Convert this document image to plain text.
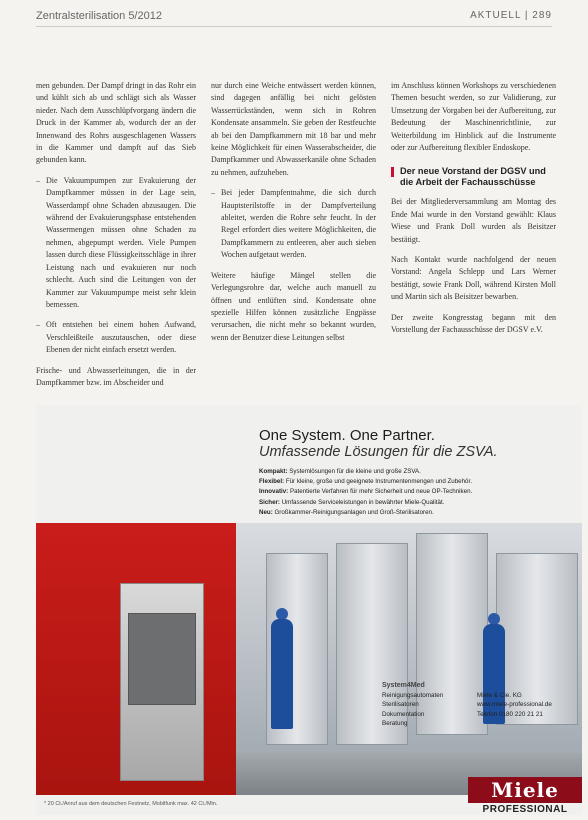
Zentralsterilisation 5/2012	AKTUELL | 289

men gebunden. Der Dampf dringt in das Rohr ein und kühlt sich ab und schlägt sich als Wasser nieder. Nach dem Ausschlüpfvorgang ändern die Druck in der Kammer ab, wodurch der an der Innenwand des Rohrs ausgeschlagenen Wassers in die Kammer und dampft auf das Sieb gebunden kann.

– Die Vakuumpumpen zur Evakuierung der Dampfkammer müssen in der Lage sein, Wasserdampf ohne Schaden abzusaugen. Die während der Evakuierungsphase entstehenden Wassermengen müssen ohne Schaden zu nehmen, abgepumpt werden. Viele Pumpen lassen durch diese Flüssigkeitsschläge in ihrer Leistung nach und evakuieren nur noch schlecht. Auch sind die Leitungen von der Kammer zur Vakuumpumpe meist sehr klein bemessen.
– Oft entstehen bei einem hohen Aufwand, Verschleißteile auszutauschen, oder diese Ebenen der nicht einfach ersetzt werden.

Frische- und Abwasserleitungen, die in der Dampfkammer bzw. im Abscheider und

nur durch eine Weiche entwässert werden können, sind dagegen anfällig bei nicht gelösten Wasserrückständen, wenn sich in Rohren Kondensate ansammeln. Sie geben der Restfeuchte ab bei den Dampfkammern mit 18 bar und mehr keine Möglichkeit für einen Wasserabscheider, die Dampfkammer und Abwasserkanäle ohne Schaden zu nehmen, aufzuheben.

– Bei jeder Dampfentnahme, die sich durch Hauptsterilstoffe in der Dampfverteilung ableitet, werden die Rohre sehr feucht. In der Regel erfordert dies weitere Möglichkeiten, die Dampfkammern zu entleeren, aber auch sieben Wochen aufgetaut werden.

Weitere häufige Mängel stellen die Verlegungsrohre dar, welche auch manuell zu öffnen und entlüften sind. Kondensate ohne spezielle Hilfen können zusätzliche Engpässe verursachen, die nicht mehr so bekannt wurden, wenn der Benutzer diese Leitungen selbst

im Anschluss können Workshops zu verschiedenen Themen besucht werden, so zur Validierung, zur Umsetzung der Vorgaben bei der Aufbereitung, zur Bedeutung der Maschinenrichtlinie, zur Weiterbildung im Hinblick auf die Instrumente oder zur Aufbereitung flexibler Endoskope.

Der neue Vorstand der DGSV und die Arbeit der Fachausschüsse

Bei der Mitgliederversammlung am Montag des Ende Mai wurde in den Vorstand gewählt: Klaus Wiese und Frank Doll wurden als Beisitzer bestätigt.

Nach Kontakt wurde nachfolgend der neuen Vorstand: Angela Schlepp und Lars Werner bestätigt, sowie Frank Doll, während Kirsten Moll und Martin sich als Beisitzer bewarben.

Der zweite Kongresstag begann mit den Vorstellung der Fachausschüsse der DGSV e.V.

One System. One Partner.
Umfassende Lösungen für die ZSVA.
Kompakt: Systemlösungen für die kleine und große ZSVA.
Flexibel: Für kleine, große und geeignete Instrumentenmengen und Zubehör.
Innovativ: Patentierte Verfahren für mehr Sicherheit und neue OP-Techniken.
Sicher: Umfassende Serviceleistungen in bewährter Miele-Qualität.
Neu: Großkammer-Reinigungsanlagen und Groß-Sterilisatoren.
System4Med
Reinigungsautomaten
Sterilisatoren
Dokumentation
Beratung
Miele & Cie. KG
www.miele-professional.de
Telefon 0180 220 21 21
Miele
PROFESSIONAL
* 20 Ct./Anruf aus dem deutschen Festnetz, Mobilfunk max. 42 Ct./Min.
